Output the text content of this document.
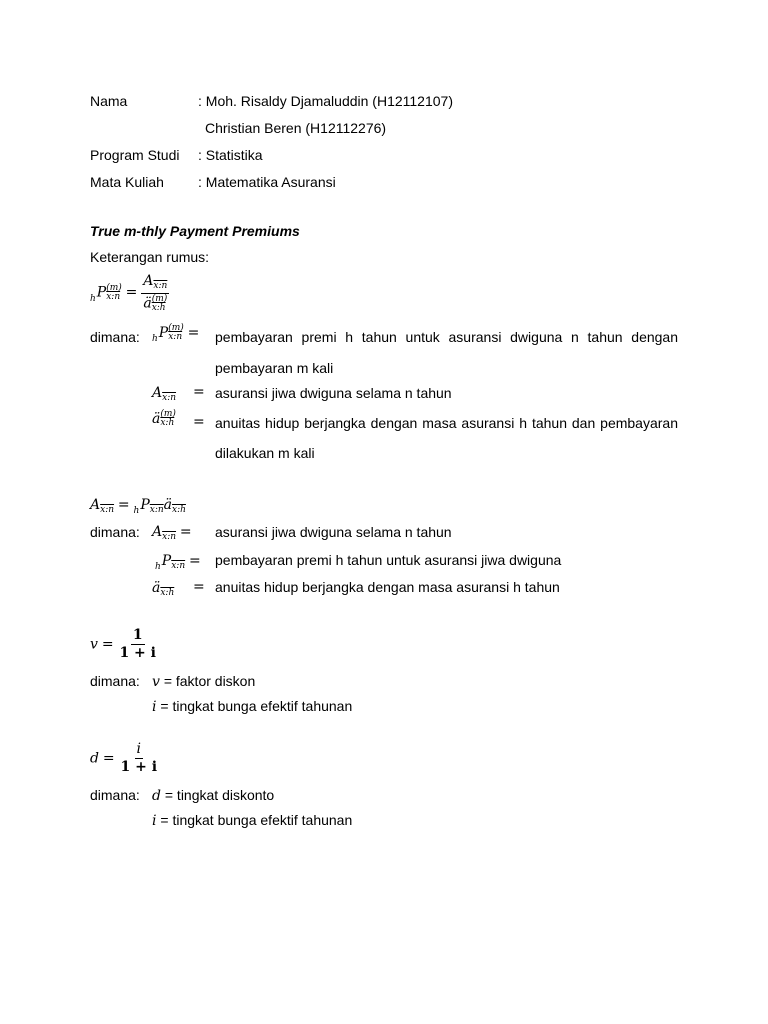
Nama	: Moh. Risaldy Djamaluddin (H12112107)
Christian Beren (H12112276)
Program Studi : Statistika
Mata Kuliah : Matematika Asuransi
True m-thly Payment Premiums
Keterangan rumus:
$_hP \frac{(m)}{x:n} = \frac{A_{x:n}}{ä \frac{(m)}{x:h}}$
dimana: $_hP \frac{(m)}{x:n}$ = pembayaran premi h tahun untuk asuransi dwiguna n tahun dengan
pembayaran m kali
$A_{x:n}$ = asuransi jiwa dwiguna selama n tahun
ä $\frac{(m)}{x:h}$ = anuitas hidup berjangka dengan masa asuransi h tahun dan pembayaran
dilakukan m kali
$A_{x:n}$ = $_hP_{x:n}ä_{x:h}$
dimana: $A_{x:n}$ = asuransi jiwa dwiguna selama n tahun
$_hP_{x:n}$ = pembayaran premi h tahun untuk asuransi jiwa dwiguna
$ä_{x:h}$ = anuitas hidup berjangka dengan masa asuransi h tahun
$v = \frac{1}{1 + i}$
dimana: v = faktor diskon
i = tingkat bunga efektif tahunan
$d = \frac{i}{1 + i}$
dimana: d = tingkat diskonto
i = tingkat bunga efektif tahunan
